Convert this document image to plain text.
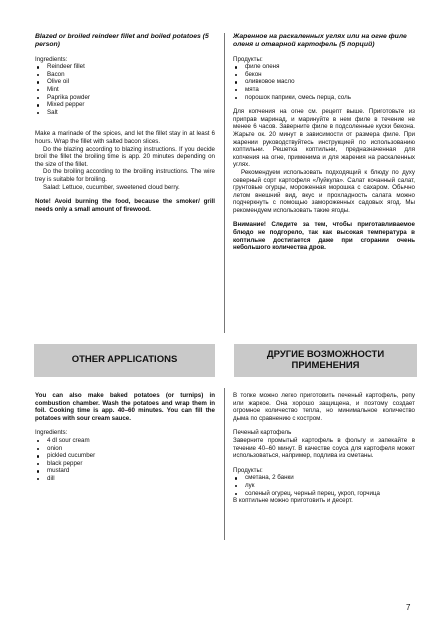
Blazed or broiled reindeer fillet and boiled potatoes (5 person)

Ingredients:

Reindeer fillet
Bacon
Olive oil
Mint
Paprika powder
Mixed pepper
Salt

Make a marinade of the spices, and let the fillet stay in at least 6 hours. Wrap the fillet with salted bacon slices.

Do the blazing according to blazing instructions. If you decide broil the fillet the broiling time is app. 20 minutes depending on the size of the fillet.

Do the broiling according to the broiling instructions. The wire trey is suitable for broiling.

Salad: Lettuce, cucumber, sweetened cloud berry.

Note! Avoid burning the food, because the smoker/ grill needs only a small amount of firewood.

Жаренное на раскаленных углях или на огне филе оленя и отварной картофель (5 порций)

Продукты:

филе оленя
бекон
оливковое масло
мята
порошок паприки, смесь перца, соль

Для копчения на огне см. рецепт выше. Приготовьте из приправ маринад, и маринуйте в нем филе в течение не менее 6 часов. Заверните филе в подсоленные куски бекона. Жарьте ок. 20 минут в зависимости от размера филе. При жарении руководствуйтесь инструкцией по использованию коптильни. Решетка коптильни, предназначенная для копчения на огне, применима и для жарения на раскаленных углях.

Рекомендуем использовать подходящий к блюду по духу северный сорт картофеля «Луйкула». Салат кочанный салат, грунтовые огурцы, мороженная морошка с сахаром. Обычно летом внешний вид, вкус и прохладность салата можно подчеркнуть с помощью замороженных садовых ягод. Мы рекомендуем использовать такие ягоды.

Внимание! Следите за тем, чтобы приготавливаемое блюдо не подгорело, так как высокая температура в коптильне достигается даже при сгорании очень небольшого количества дров.

OTHER APPLICATIONS	ДРУГИЕ ВОЗМОЖНОСТИ ПРИМЕНЕНИЯ

You can also make baked potatoes (or turnips) in combustion chamber. Wash the potatoes and wrap them in foil. Cooking time is app. 40–60 minutes. You can fill the potatoes with sour cream sauce.

Ingredients:

4 dl sour cream
onion
pickled cucumber
black pepper
mustard
dill

В топке можно легко приготовить печеный картофель, репу или жаркое. Она хорошо защищена, и поэтому создает огромное количество тепла, но минимальное количество дыма по сравнению с костром.

Печеный картофель

Заверните промытый картофель в фольгу и запекайте в течение 40–60 минут. В качестве соуса для картофеля может использоваться, например, подлива из сметаны.

Продукты:

сметана, 2 банки
лук
соленый огурец, черный перец, укроп, горчица

В коптильне можно приготовить и десерт.

7
